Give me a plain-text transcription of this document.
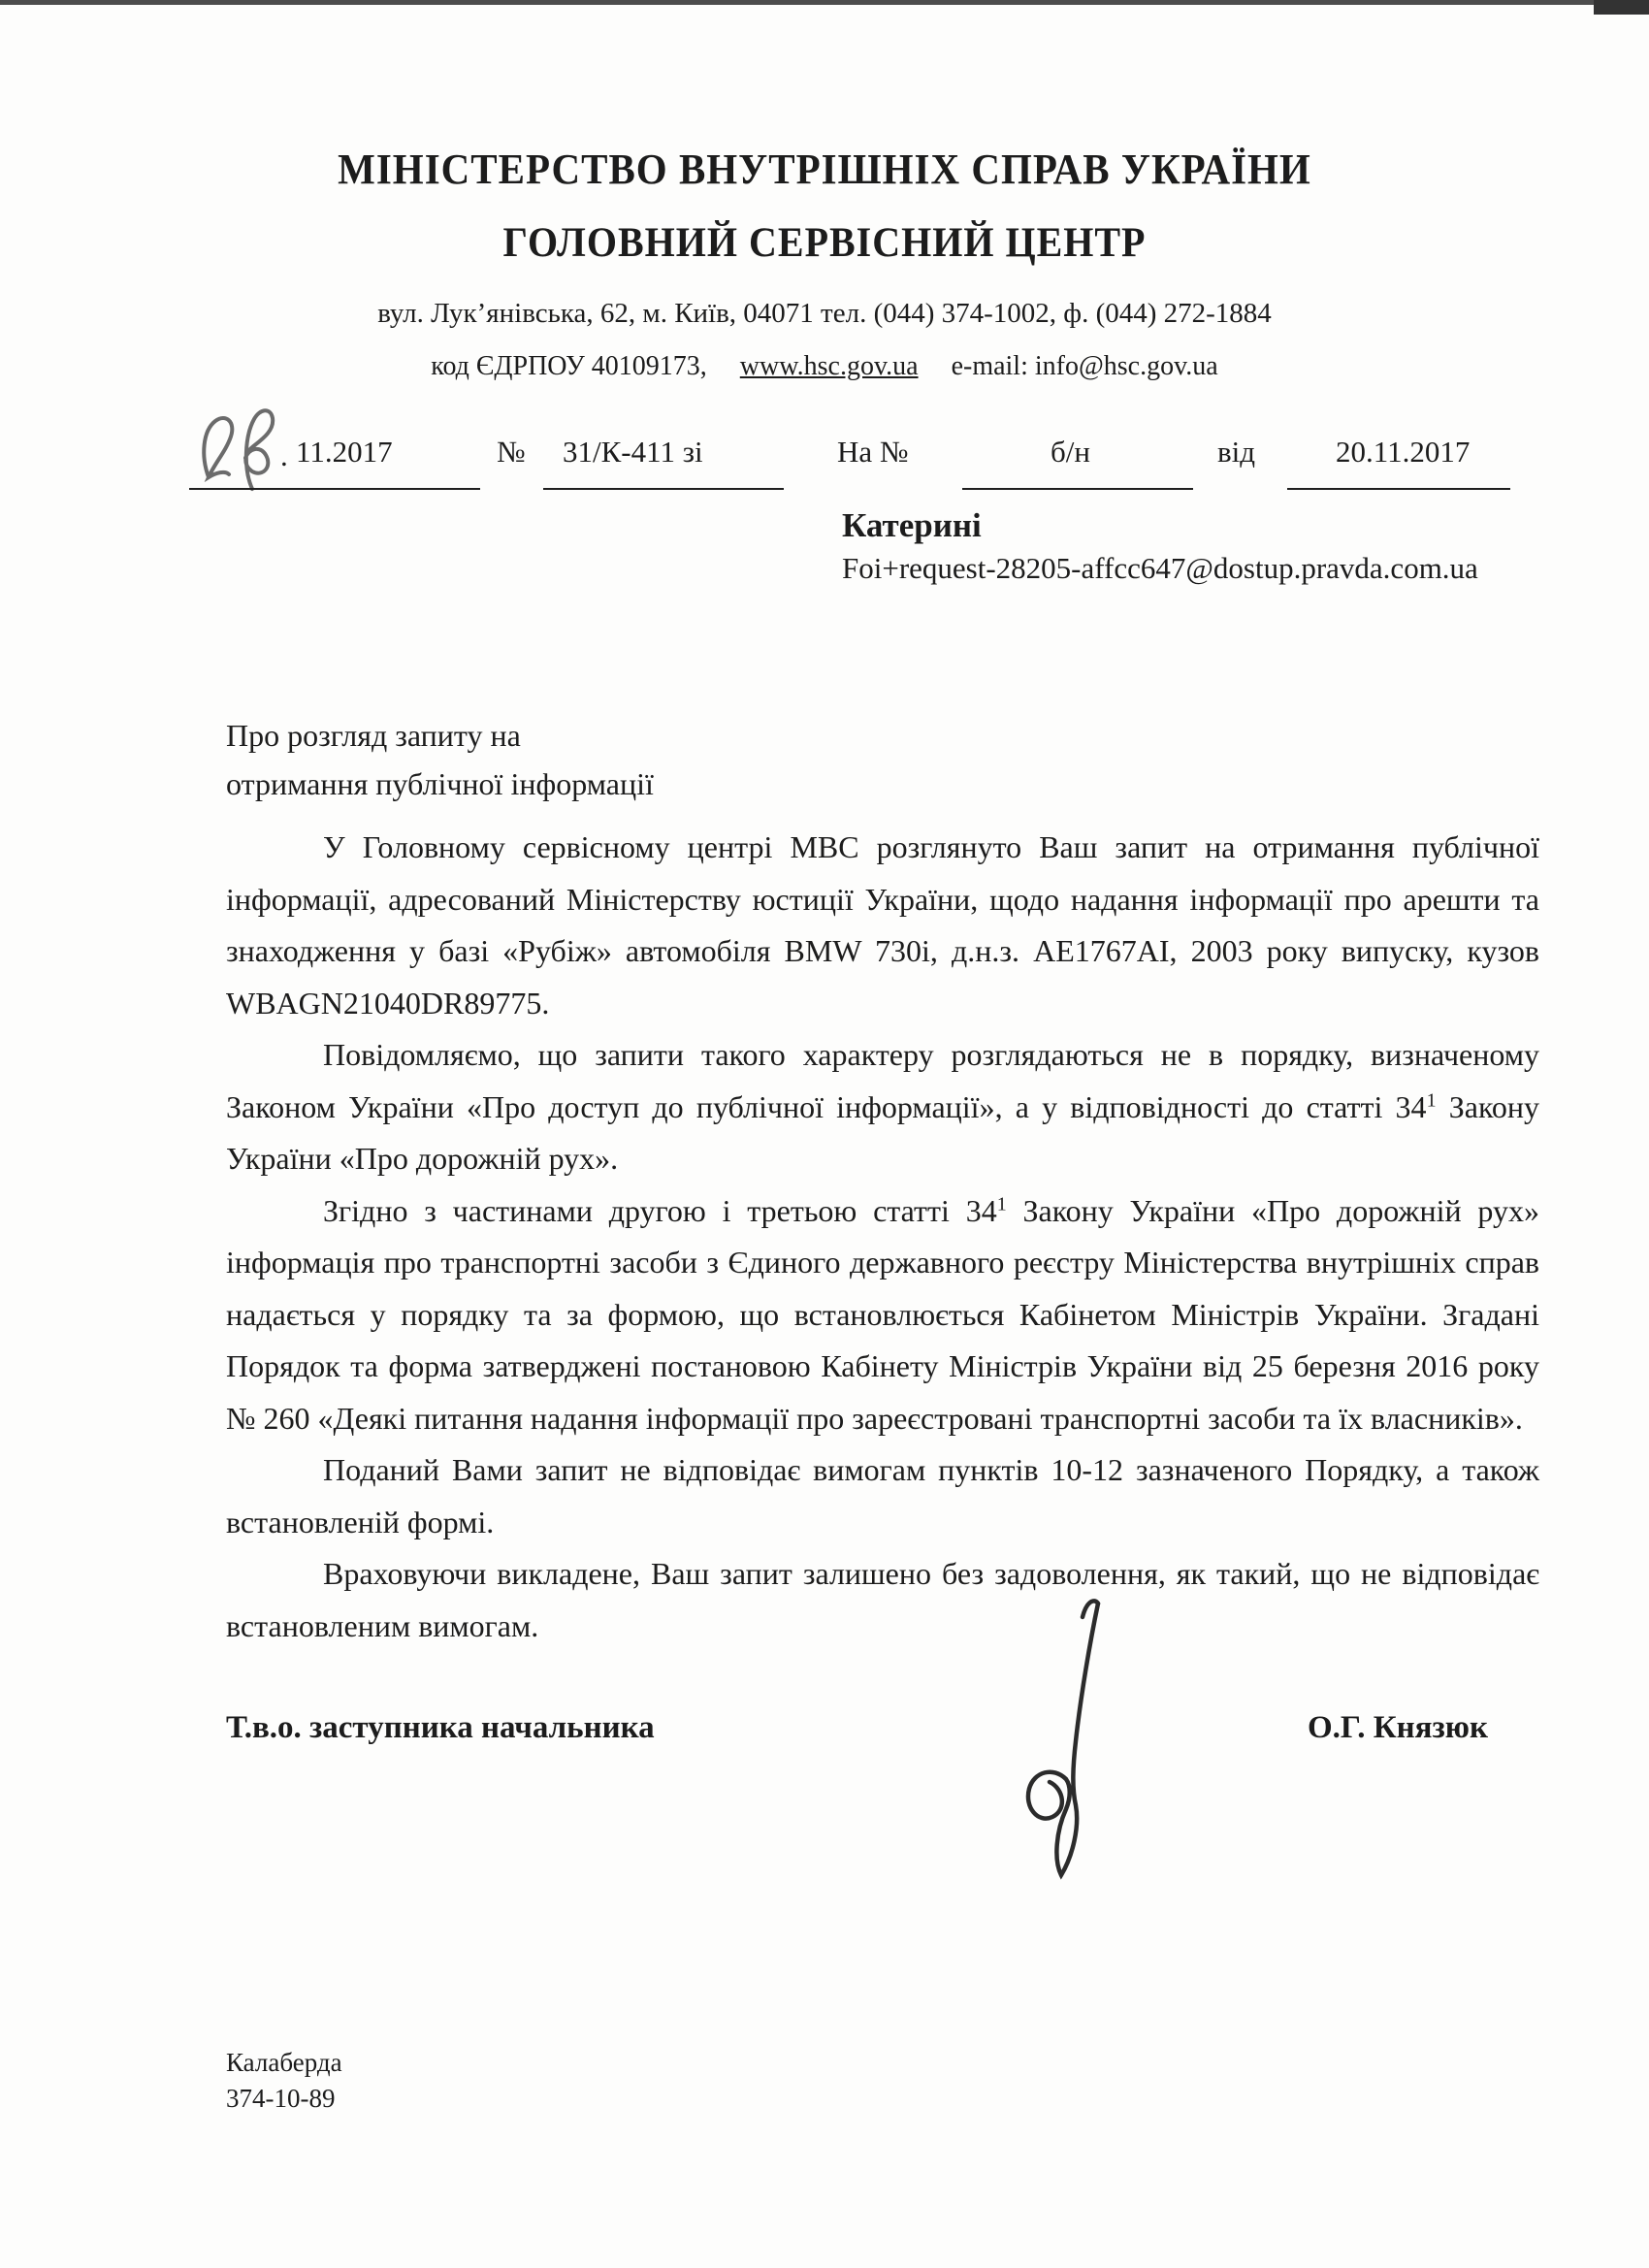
МІНІСТЕРСТВО ВНУТРІШНІХ СПРАВ УКРАЇНИ
ГОЛОВНИЙ СЕРВІСНИЙ ЦЕНТР
вул. Лук’янівська, 62, м. Київ, 04071 тел. (044) 374-1002, ф. (044) 272-1884
код ЄДРПОУ 40109173, www.hsc.gov.ua e-mail: info@hsc.gov.ua
. 11.2017	№ 31/К-411 зі	На №	б/н	від	20.11.2017
Катерині
Foi+request-28205-affcc647@dostup.pravda.com.ua
Про розгляд запиту на
отримання публічної інформації

У Головному сервісному центрі МВС розглянуто Ваш запит на отримання публічної інформації, адресований Міністерству юстиції України, щодо надання інформації про арешти та знаходження у базі «Рубіж» автомобіля BMW 730i, д.н.з. АЕ1767АІ, 2003 року випуску, кузов WBAGN21040DR89775.

Повідомляємо, що запити такого характеру розглядаються не в порядку, визначеному Законом України «Про доступ до публічної інформації», а у відповідності до статті $34^1$ Закону України «Про дорожній рух».

Згідно з частинами другою і третьою статті $34^1$ Закону України «Про дорожній рух» інформація про транспортні засоби з Єдиного державного реєстру Міністерства внутрішніх справ надається у порядку та за формою, що встановлюється Кабінетом Міністрів України. Згадані Порядок та форма затверджені постановою Кабінету Міністрів України від 25 березня 2016 року № 260 «Деякі питання надання інформації про зареєстровані транспортні засоби та їх власників».

Поданий Вами запит не відповідає вимогам пунктів 10-12 зазначеного Порядку, а також встановленій формі.

Враховуючи викладене, Ваш запит залишено без задоволення, як такий, що не відповідає встановленим вимогам.

Т.в.о. заступника начальника	О.Г. Князюк
Калаберда
374-10-89
